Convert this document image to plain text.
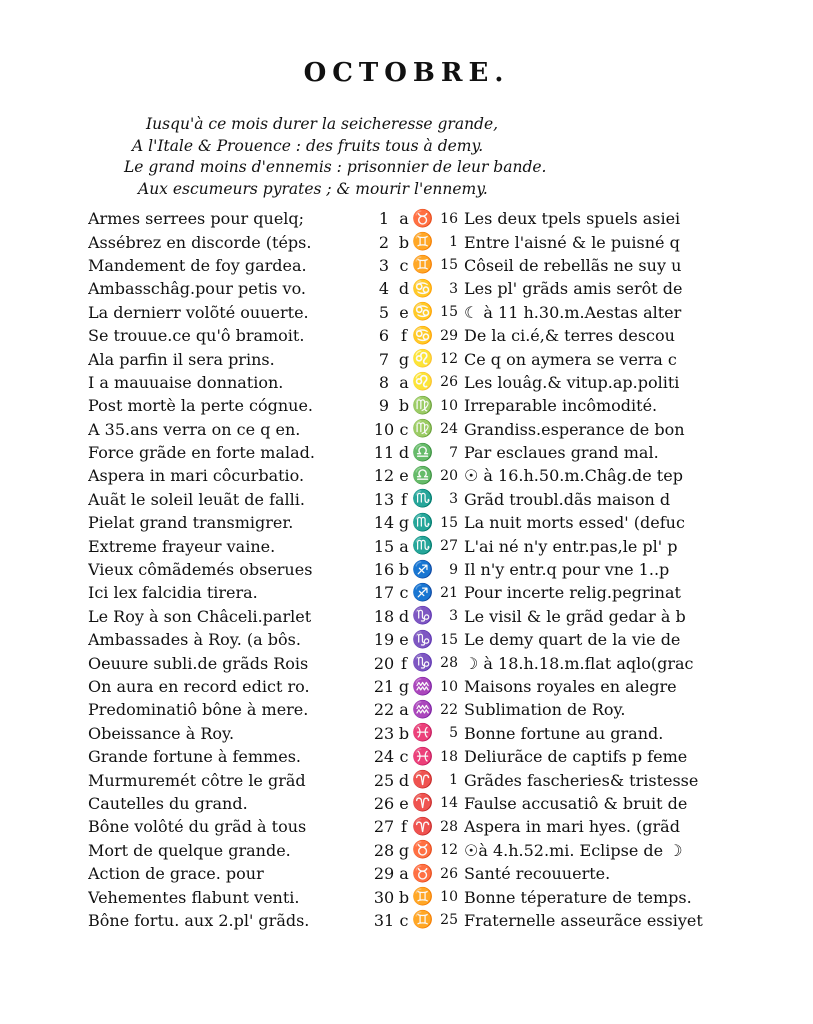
OCTOBRE.
Iusqu'à ce mois durer la seicheresse grande,
A l'Itale & Prouence : des fruits tous à demy.
Le grand moins d'ennemis : prisonnier de leur bande.
Aux escumeurs pyrates ; & mourir l'ennemy.
Armes serrees pour quelq;	1 a ♉ 16 Les deux tpels spuels asiei
Assébrez en discorde (téps.	2 b ♊	1 Entre l'aisné & le puisné q
Mandement de foy gardea.	3 c ♊ 15 Côseil de rebellãs ne suy u
Ambasschâg.pour petis vo.	4 d ♋	3 Les pl' grãds amis serôt de
La dernierr volõté ouuerte.	5 e ♋ 15 ☾ à 11 h.30.m.Aestas alter
Se trouue.ce qu'ô bramoit.	6 f ♋ 29 De la ci.é,& terres descou
Ala parfin il sera prins.	7 g ♌ 12 Ce q on aymera se verra c
I a mauuaise donnation.	8 a ♌ 26 Les louâg.& vitup.ap.politi
Post mortè la perte cógnue.	9 b ♍ 10 Irreparable incômodité.
A 35.ans verra on ce q en.	10 c ♍ 24 Grandiss.esperance de bon
Force grãde en forte malad.	11 d ♎	7 Par esclaues grand mal.
Aspera in mari côcurbatio.	12 e ♎ 20 ☉ à 16.h.50.m.Châg.de tep
Auãt le soleil leuãt de falli.	13 f ♏	3 Grãd troubl.dãs maison d
Pielat grand transmigrer.	14 g ♏ 15 La nuit morts essed' (defuc
Extreme frayeur vaine.	15 a ♏ 27 L'ai né n'y entr.pas,le pl' p
Vieux cômãdemés obserues	16 b ♐	9 Il n'y entr.q pour vne 1..p
Ici lex falcidia tirera.	17 c ♐ 21 Pour incerte relig.pegrinat
Le Roy à son Châceli.parlet	18 d ♑	3 Le visil & le grãd gedar à b
Ambassades à Roy. (a bôs.	19 e ♑ 15 Le demy quart de la vie de
Oeuure subli.de grãds Rois	20 f ♑ 28 ☽ à 18.h.18.m.flat aqlo(grac
On aura en record edict ro.	21 g ♒ 10 Maisons royales en alegre
Predominatiô bône à mere.	22 a ♒ 22 Sublimation de Roy.
Obeissance à Roy.	23 b ♓	5 Bonne fortune au grand.
Grande fortune à femmes.	24 c ♓ 18 Deliurãce de captifs p feme
Murmuremét côtre le grãd	25 d ♈	1 Grãdes fascheries& tristesse
Cautelles du grand.	26 e ♈ 14 Faulse accusatiô & bruit de
Bône volôté du grãd à tous	27 f ♈ 28 Aspera in mari hyes. (grãd
Mort de quelque grande.	28 g ♉ 12 ☉à 4.h.52.mi. Eclipse de ☽
Action de grace. pour	29 a ♉ 26 Santé recouuerte.
Vehementes flabunt venti.	30 b ♊ 10 Bonne téperature de temps.
Bône fortu. aux 2.pl' grãds.	31 c ♊ 25 Fraternelle asseurãce essiyet
